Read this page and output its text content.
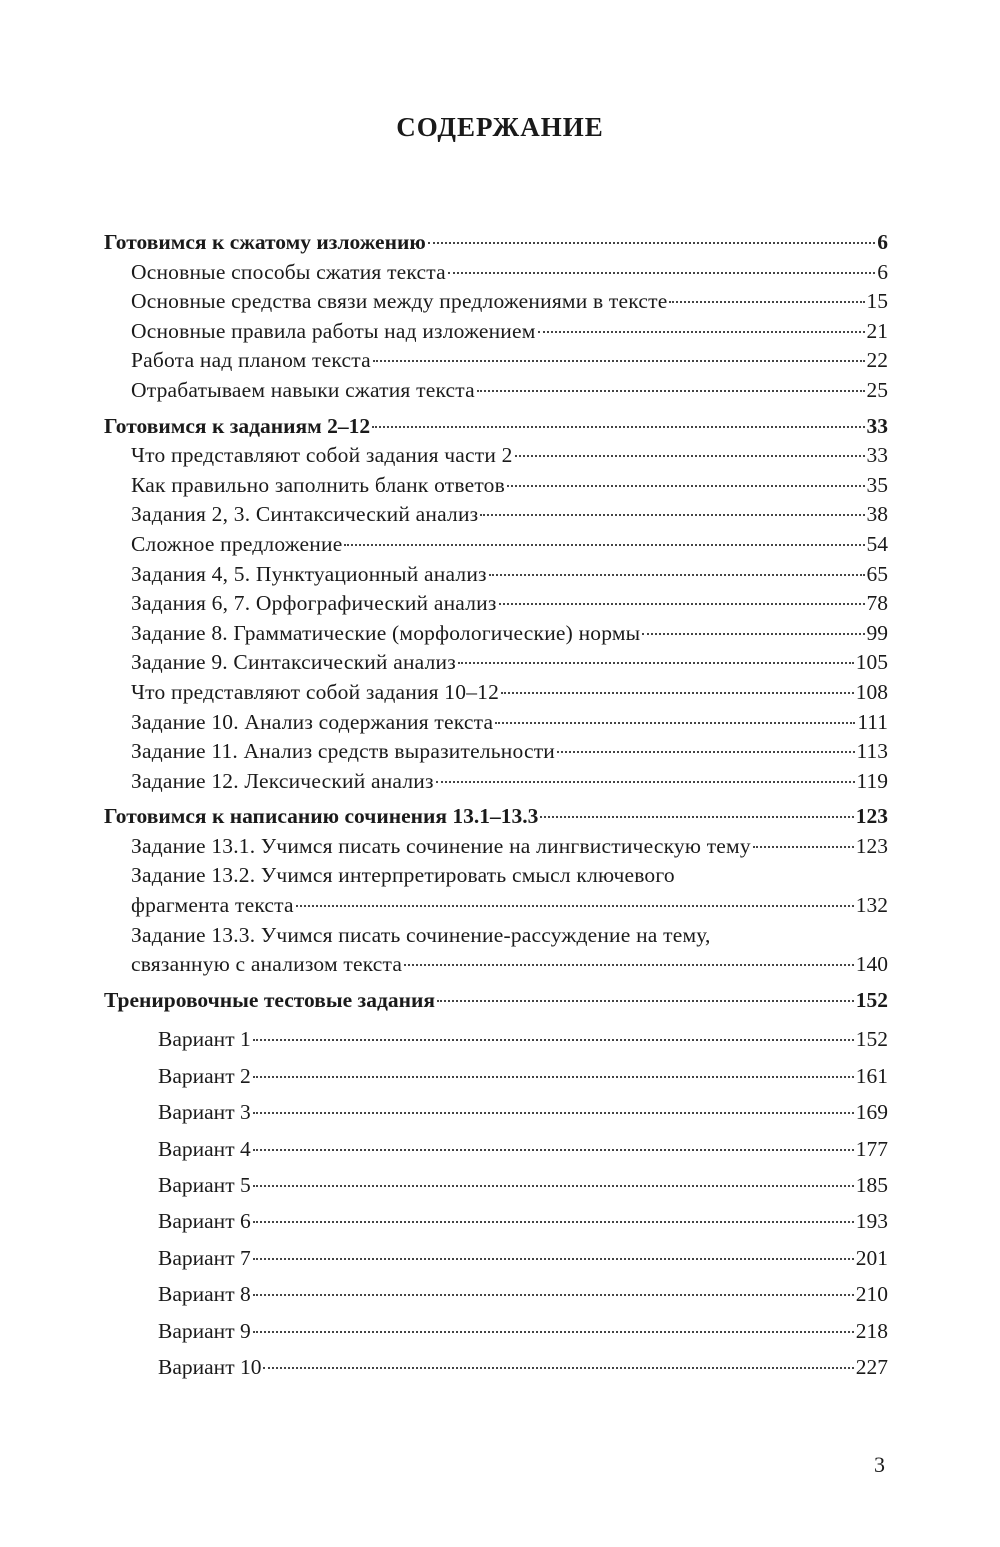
СОДЕРЖАНИЕ
Готовимся к сжатому изложению	6
Основные способы сжатия текста	6
Основные средства связи между предложениями в тексте	15
Основные правила работы над изложением	21
Работа над планом текста	22
Отрабатываем навыки сжатия текста	25
Готовимся к заданиям 2–12	33
Что представляют собой задания части 2	33
Как правильно заполнить бланк ответов	35
Задания 2, 3. Синтаксический анализ	38
Сложное предложение	54
Задания 4, 5. Пунктуационный анализ	65
Задания 6, 7. Орфографический анализ	78
Задание 8. Грамматические (морфологические) нормы	99
Задание 9. Синтаксический анализ	105
Что представляют собой задания 10–12	108
Задание 10. Анализ содержания текста	111
Задание 11. Анализ средств выразительности	113
Задание 12. Лексический анализ	119
Готовимся к написанию сочинения 13.1–13.3	123
Задание 13.1. Учимся писать сочинение на лингвистическую тему	123
Задание 13.2. Учимся интерпретировать смысл ключевого
фрагмента текста	132
Задание 13.3. Учимся писать сочинение-рассуждение на тему,
связанную с анализом текста	140
Тренировочные тестовые задания	152
Вариант 1	152
Вариант 2	161
Вариант 3	169
Вариант 4	177
Вариант 5	185
Вариант 6	193
Вариант 7	201
Вариант 8	210
Вариант 9	218
Вариант 10	227
3
